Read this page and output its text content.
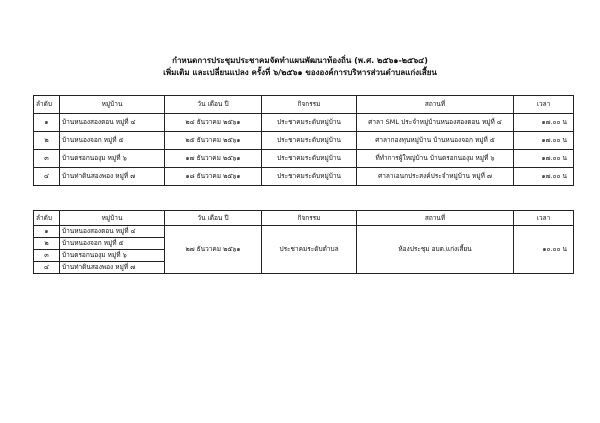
กำหนดการประชุมประชาคมจัดทำแผนพัฒนาท้องถิ่น (พ.ศ. ๒๕๖๑-๒๕๖๔)
เพิ่มเติม และเปลี่ยนแปลง ครั้งที่ ๖/๒๕๖๑ ขององค์การบริหารส่วนตำบลแก่งเสี้ยน
ลำดับ	หมู่บ้าน	วัน เดือน ปี	กิจกรรม	สถานที่	เวลา
๑	บ้านหนองสองตอน หมู่ที่ ๔	๒๔ ธันวาคม ๒๕๖๑	ประชาคมระดับหมู่บ้าน	ศาลา SML ประจำหมู่บ้านหนองสองตอน หมู่ที่ ๔	๑๗.๐๐ น
๒	บ้านหนองจอก หมู่ที่ ๕	๒๕ ธันวาคม ๒๕๖๑	ประชาคมระดับหมู่บ้าน	ศาลากองทุนหมู่บ้าน บ้านหนองจอก หมู่ที่ ๕	๑๗.๐๐ น
๓	บ้านตรอกนองุม หมู่ที่ ๖	๑๗ ธันวาคม ๒๕๖๑	ประชาคมระดับหมู่บ้าน	ที่ทำการผู้ใหญ่บ้าน บ้านตรอกนองุม หมู่ที่ ๖	๑๗.๐๐ น
๔	บ้านท่าดินสองพอง หมู่ที่ ๗	๑๘ ธันวาคม ๒๕๖๑	ประชาคมระดับหมู่บ้าน	ศาลาเอนกประสงค์ประจำหมู่บ้าน หมู่ที่ ๗	๑๗.๐๐ น
ลำดับ	หมู่บ้าน	วัน เดือน ปี	กิจกรรม	สถานที่	เวลา
๑	บ้านหนองสองตอน หมู่ที่ ๔	๒๗ ธันวาคม ๒๕๖๑	ประชาคมระดับตำบล	ห้องประชุม อบต.แก่งเสี้ยน	๑๐.๐๐ น
๒	บ้านหนองจอก หมู่ที่ ๕				
๓	บ้านตรอกนองุม หมู่ที่ ๖				
๔	บ้านท่าดินสองพอง หมู่ที่ ๗				
